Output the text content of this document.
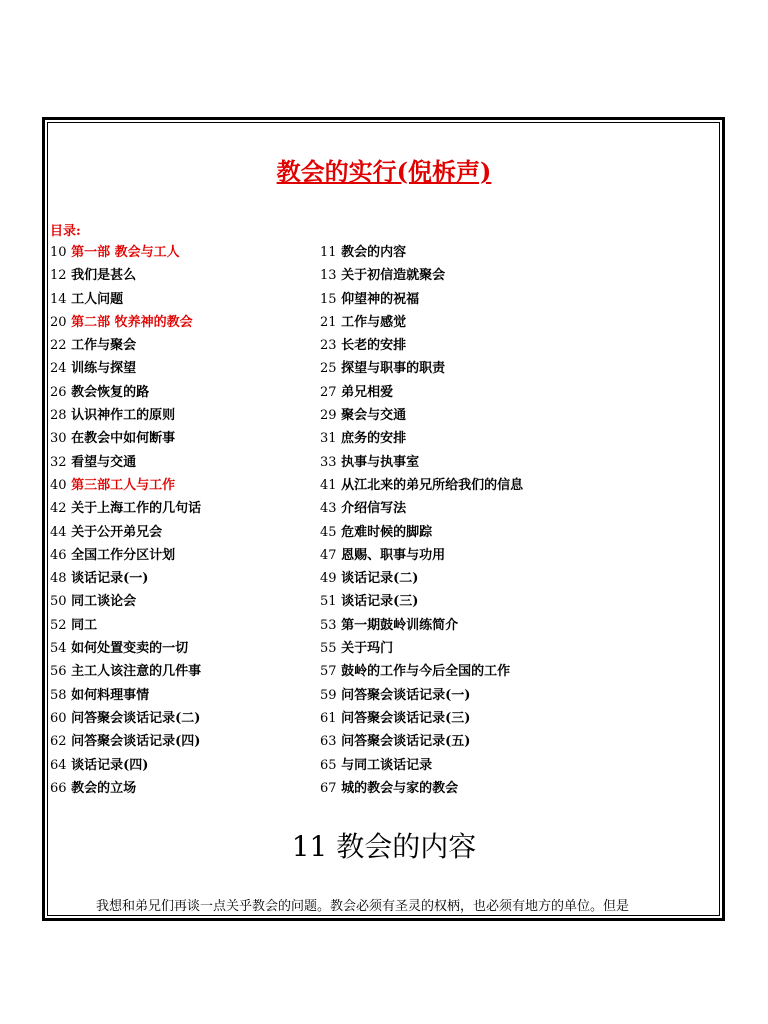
教会的实行(倪柝声)
目录:
10 第一部 教会与工人	11 教会的内容
12 我们是甚么	13 关于初信造就聚会
14 工人问题	15 仰望神的祝福
20 第二部 牧养神的教会	21 工作与感觉
22 工作与聚会	23 长老的安排
24 训练与探望	25 探望与职事的职责
26 教会恢复的路	27 弟兄相爱
28 认识神作工的原则	29 聚会与交通
30 在教会中如何断事	31 庶务的安排
32 看望与交通	33 执事与执事室
40 第三部工人与工作	41 从江北来的弟兄所给我们的信息
42 关于上海工作的几句话	43 介绍信写法
44 关于公开弟兄会	45 危难时候的脚踪
46 全国工作分区计划	47 恩赐、职事与功用
48 谈话记录(一)	49 谈话记录(二)
50 同工谈论会	51 谈话记录(三)
52 同工	53 第一期鼓岭训练简介
54 如何处置变卖的一切	55 关于玛门
56 主工人该注意的几件事	57 鼓岭的工作与今后全国的工作
58 如何料理事情	59 问答聚会谈话记录(一)
60 问答聚会谈话记录(二)	61 问答聚会谈话记录(三)
62 问答聚会谈话记录(四)	63 问答聚会谈话记录(五)
64 谈话记录(四)	65 与同工谈话记录
66 教会的立场	67 城的教会与家的教会
11 教会的内容
我想和弟兄们再谈一点关乎教会的问题。教会必须有圣灵的权柄，也必须有地方的单位。但是
